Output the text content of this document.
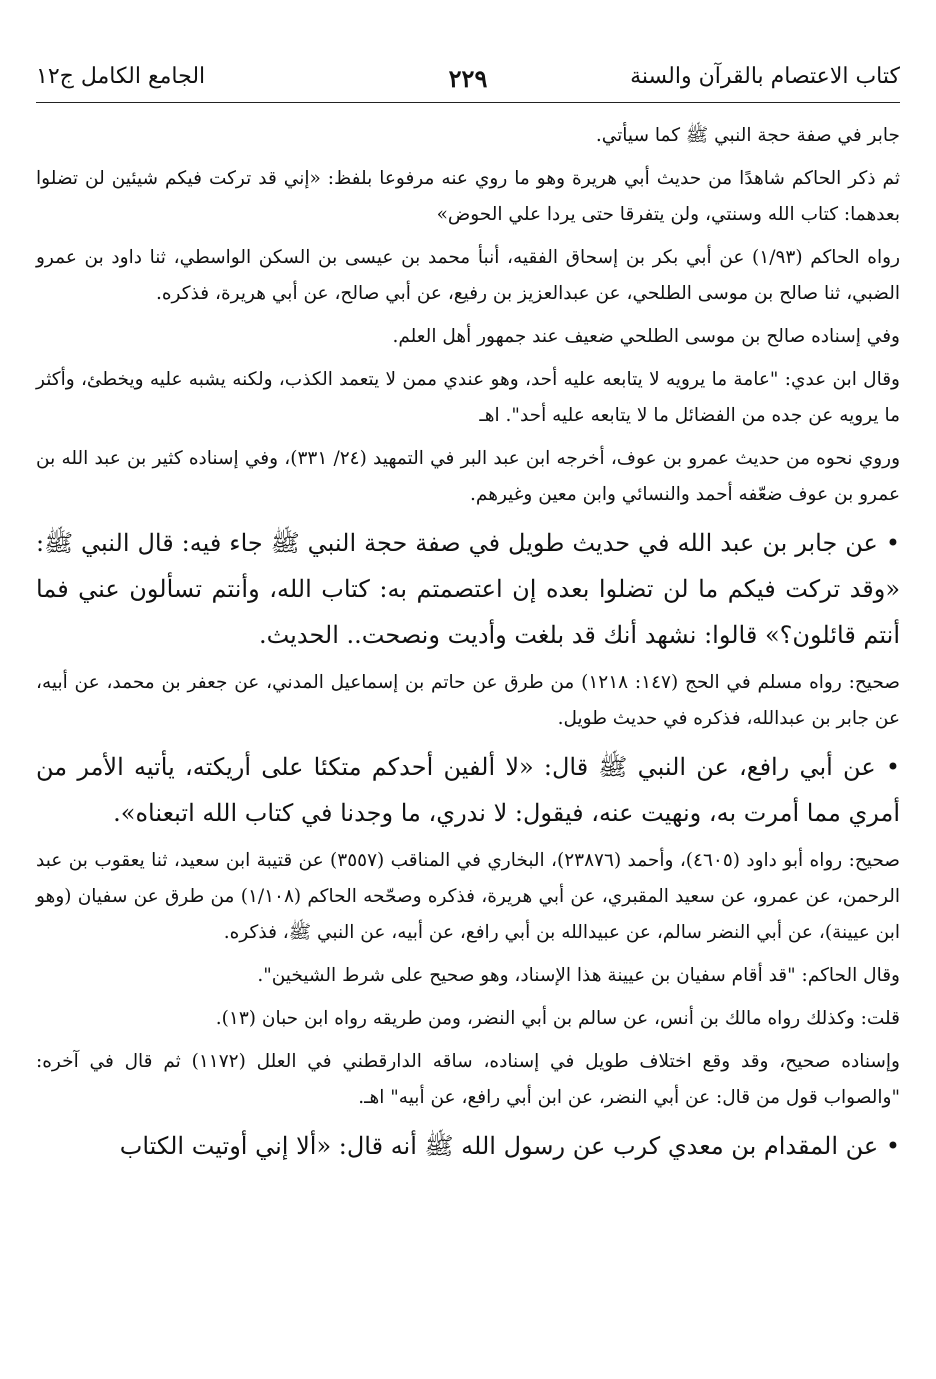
كتاب الاعتصام بالقرآن والسنة
٢٢٩
الجامع الكامل ج١٢

جابر في صفة حجة النبي ﷺ كما سيأتي.

ثم ذكر الحاكم شاهدًا من حديث أبي هريرة وهو ما روي عنه مرفوعا بلفظ: «إني قد تركت فيكم شيئين لن تضلوا بعدهما: كتاب الله وسنتي، ولن يتفرقا حتى يردا علي الحوض»

رواه الحاكم (١/٩٣) عن أبي بكر بن إسحاق الفقيه، أنبأ محمد بن عيسى بن السكن الواسطي، ثنا داود بن عمرو الضبي، ثنا صالح بن موسى الطلحي، عن عبدالعزيز بن رفيع، عن أبي صالح، عن أبي هريرة، فذكره.

وفي إسناده صالح بن موسى الطلحي ضعيف عند جمهور أهل العلم.

وقال ابن عدي: "عامة ما يرويه لا يتابعه عليه أحد، وهو عندي ممن لا يتعمد الكذب، ولكنه يشبه عليه ويخطئ، وأكثر ما يرويه عن جده من الفضائل ما لا يتابعه عليه أحد". اهـ

وروي نحوه من حديث عمرو بن عوف، أخرجه ابن عبد البر في التمهيد (٢٤/ ٣٣١)، وفي إسناده كثير بن عبد الله بن عمرو بن عوف ضعّفه أحمد والنسائي وابن معين وغيرهم.

• عن جابر بن عبد الله في حديث طويل في صفة حجة النبي ﷺ جاء فيه: قال النبي ﷺ: «وقد تركت فيكم ما لن تضلوا بعده إن اعتصمتم به: كتاب الله، وأنتم تسألون عني فما أنتم قائلون؟» قالوا: نشهد أنك قد بلغت وأديت ونصحت.. الحديث.

صحيح: رواه مسلم في الحج (١٤٧: ١٢١٨) من طرق عن حاتم بن إسماعيل المدني، عن جعفر بن محمد، عن أبيه، عن جابر بن عبدالله، فذكره في حديث طويل.

• عن أبي رافع، عن النبي ﷺ قال: «لا ألفين أحدكم متكئا على أريكته، يأتيه الأمر من أمري مما أمرت به، ونهيت عنه، فيقول: لا ندري، ما وجدنا في كتاب الله اتبعناه».

صحيح: رواه أبو داود (٤٦٠٥)، وأحمد (٢٣٨٧٦)، البخاري في المناقب (٣٥٥٧) عن قتيبة ابن سعيد، ثنا يعقوب بن عبد الرحمن، عن عمرو، عن سعيد المقبري، عن أبي هريرة، فذكره وصحّحه الحاكم (١/١٠٨) من طرق عن سفيان (وهو ابن عيينة)، عن أبي النضر سالم، عن عبيدالله بن أبي رافع، عن أبيه، عن النبي ﷺ، فذكره.

وقال الحاكم: "قد أقام سفيان بن عيينة هذا الإسناد، وهو صحيح على شرط الشيخين".

قلت: وكذلك رواه مالك بن أنس، عن سالم بن أبي النضر، ومن طريقه رواه ابن حبان (١٣).

وإسناده صحيح، وقد وقع اختلاف طويل في إسناده، ساقه الدارقطني في العلل (١١٧٢) ثم قال في آخره: "والصواب قول من قال: عن أبي النضر، عن ابن أبي رافع، عن أبيه" اهـ.

• عن المقدام بن معدي كرب عن رسول الله ﷺ أنه قال: «ألا إني أوتيت الكتاب
